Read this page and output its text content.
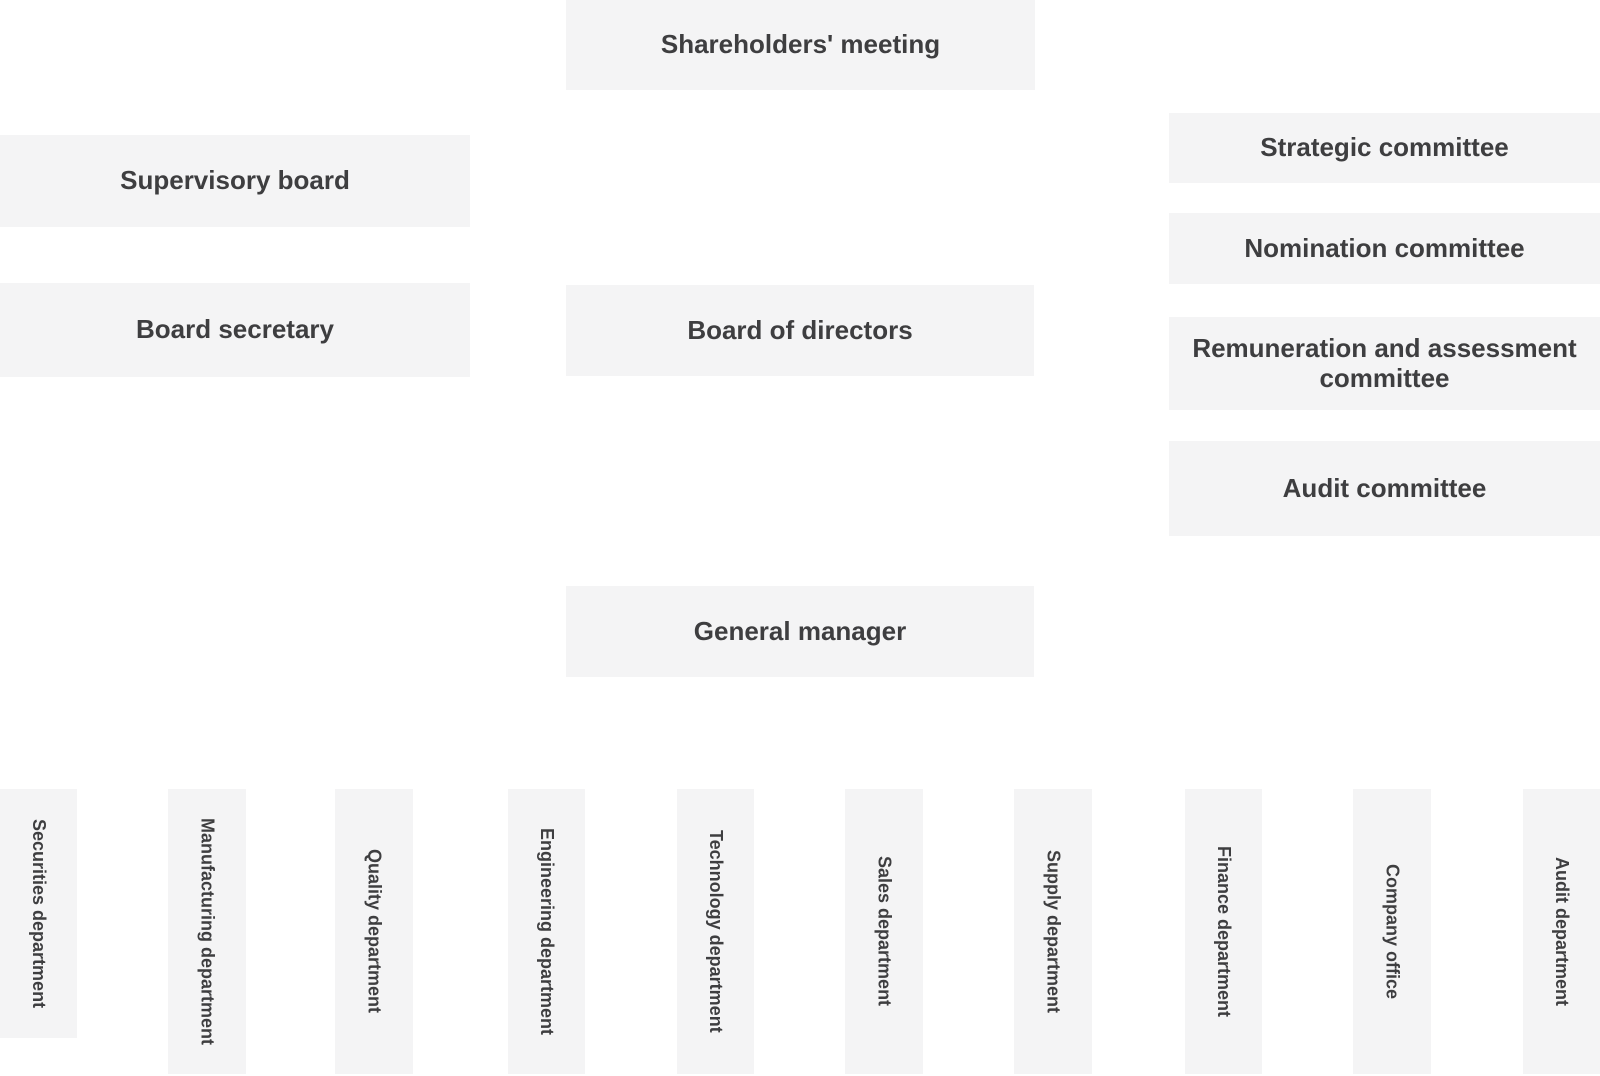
Shareholders' meeting
Supervisory board
Board secretary	Board of directors
Strategic committee
Nomination committee
Remuneration and assessment committee
Audit committee
General manager
Securities department	Manufacturing department	Quality department	Engineering department	Technology department	Sales department	Supply department	Finance department	Company office	Audit department
